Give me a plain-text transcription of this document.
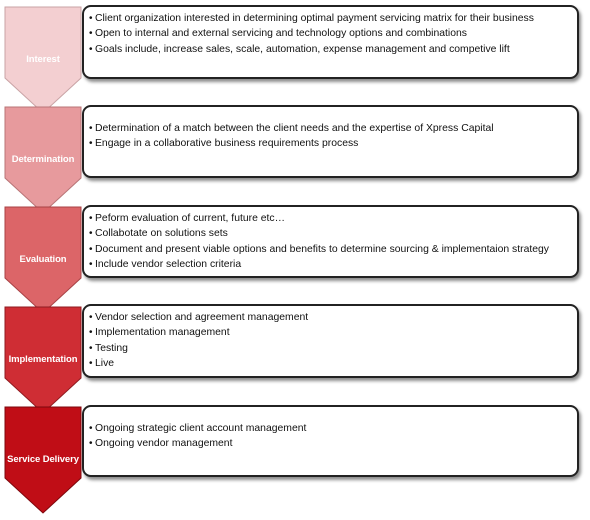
Interest
• Client organization interested in determining optimal payment servicing matrix for their business
• Open to internal and external servicing and technology options and combinations
• Goals include, increase sales, scale, automation, expense management and competive lift
Determination
• Determination of a match between the client needs and the expertise of Xpress Capital
• Engage in a collaborative business requirements process
Evaluation
• Peform evaluation of current, future etc…
• Collabotate on solutions sets
• Document and present viable options and benefits to determine sourcing & implementaion strategy
• Include vendor selection criteria
Implementation
• Vendor selection and agreement management
• Implementation management
• Testing
• Live
Service Delivery
• Ongoing strategic client account management
• Ongoing vendor management
